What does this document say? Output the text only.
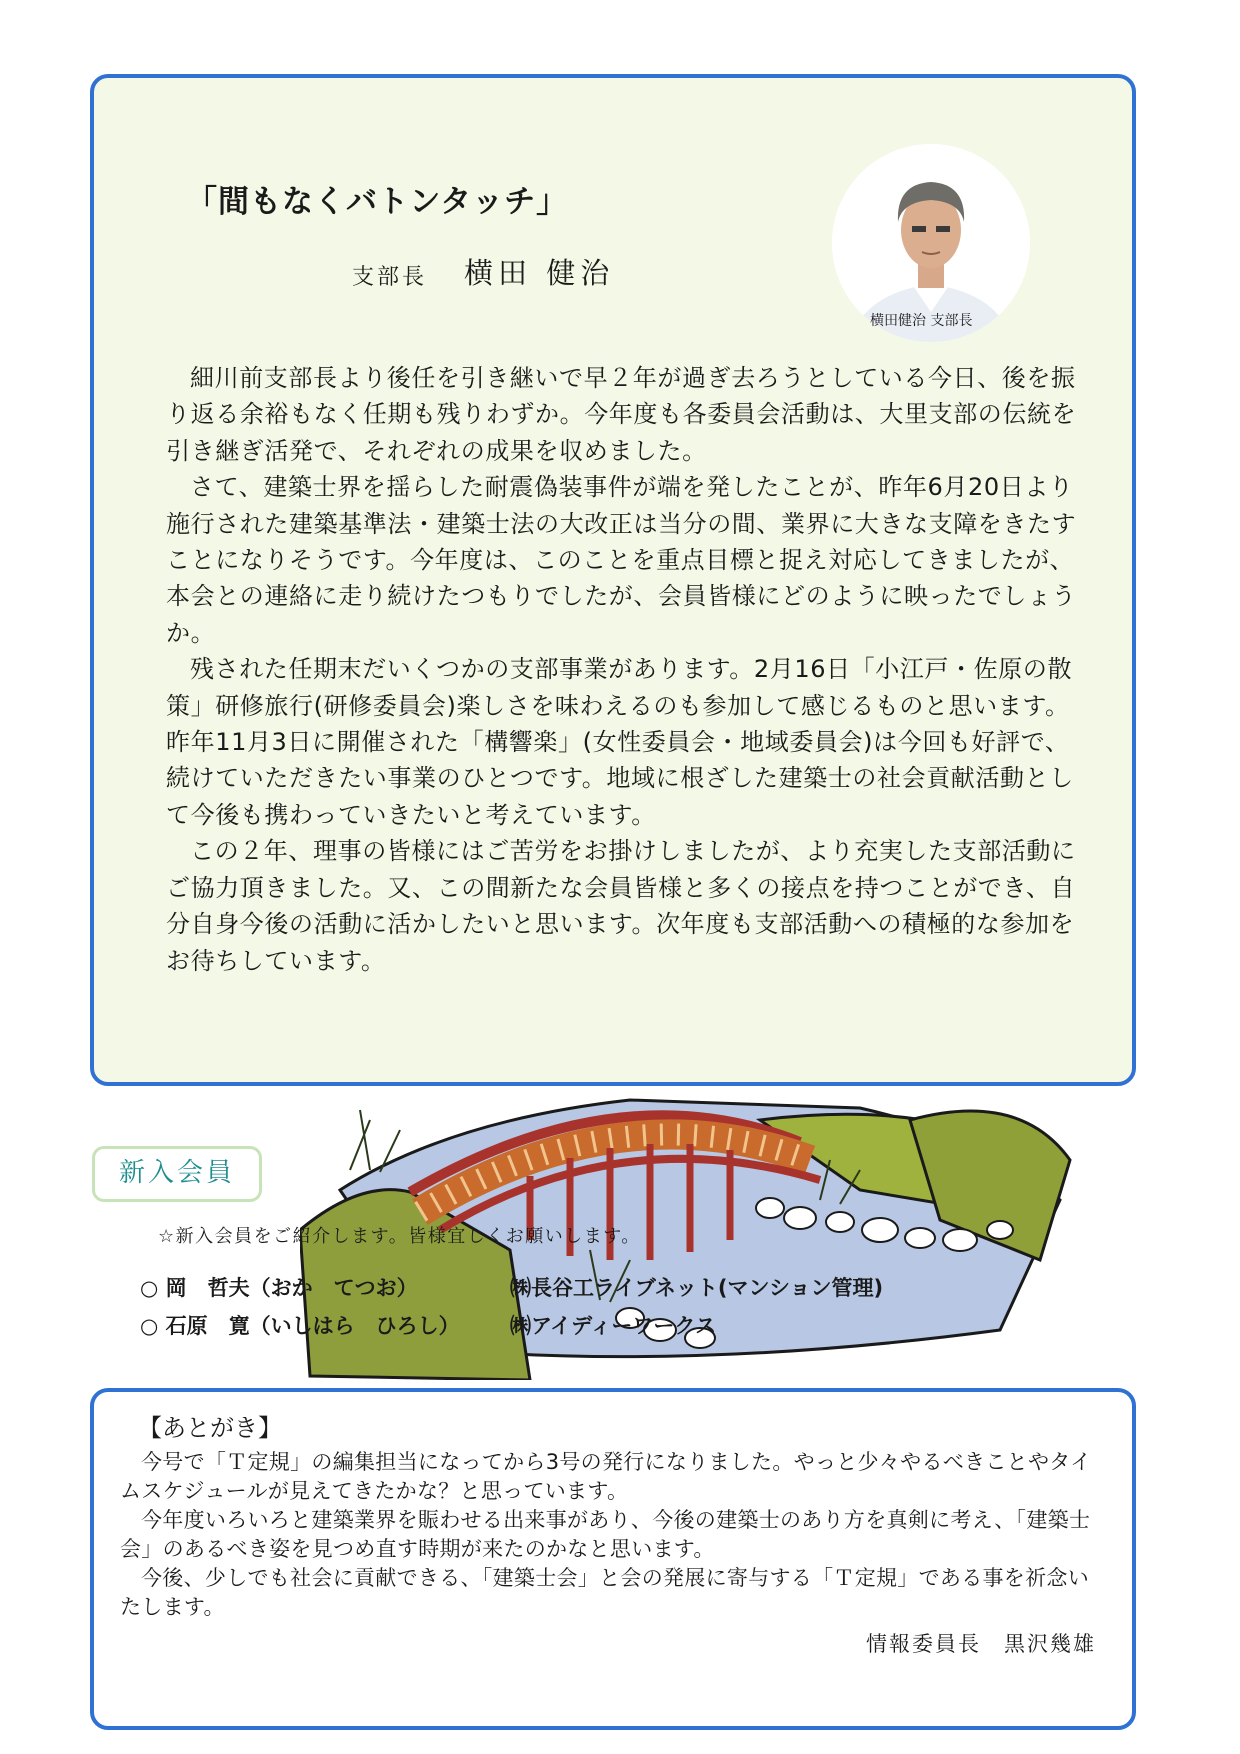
「間もなくバトンタッチ」
支部長 横田 健治
横田健治 支部長

細川前支部長より後任を引き継いで早２年が過ぎ去ろうとしている今日、後を振り返る余裕もなく任期も残りわずか。今年度も各委員会活動は、大里支部の伝統を引き継ぎ活発で、それぞれの成果を収めました。

さて、建築士界を揺らした耐震偽装事件が端を発したことが、昨年6月20日より施行された建築基準法・建築士法の大改正は当分の間、業界に大きな支障をきたすことになりそうです。今年度は、このことを重点目標と捉え対応してきましたが、本会との連絡に走り続けたつもりでしたが、会員皆様にどのように映ったでしょうか。

残された任期末だいくつかの支部事業があります。2月16日「小江戸・佐原の散策」研修旅行(研修委員会)楽しさを味わえるのも参加して感じるものと思います。昨年11月3日に開催された「構響楽」(女性委員会・地域委員会)は今回も好評で、続けていただきたい事業のひとつです。地域に根ざした建築士の社会貢献活動として今後も携わっていきたいと考えています。

この２年、理事の皆様にはご苦労をお掛けしましたが、より充実した支部活動にご協力頂きました。又、この間新たな会員皆様と多くの接点を持つことができ、自分自身今後の活動に活かしたいと思います。次年度も支部活動への積極的な参加をお待ちしています。

新入会員
☆新入会員をご紹介します。皆様宜しくお願いします。
○ 岡　哲夫（おか　てつお）	㈱長谷工ライブネット(マンション管理)
○ 石原　寛（いしはら　ひろし） ㈱アイディーワークス
【あとがき】

今号で「Ｔ定規」の編集担当になってから3号の発行になりました。やっと少々やるべきことやタイムスケジュールが見えてきたかな？と思っています。

今年度いろいろと建築業界を賑わせる出来事があり、今後の建築士のあり方を真剣に考え、「建築士会」のあるべき姿を見つめ直す時期が来たのかなと思います。

今後、少しでも社会に貢献できる、「建築士会」と会の発展に寄与する「Ｔ定規」である事を祈念いたします。

情報委員長　黒沢幾雄
